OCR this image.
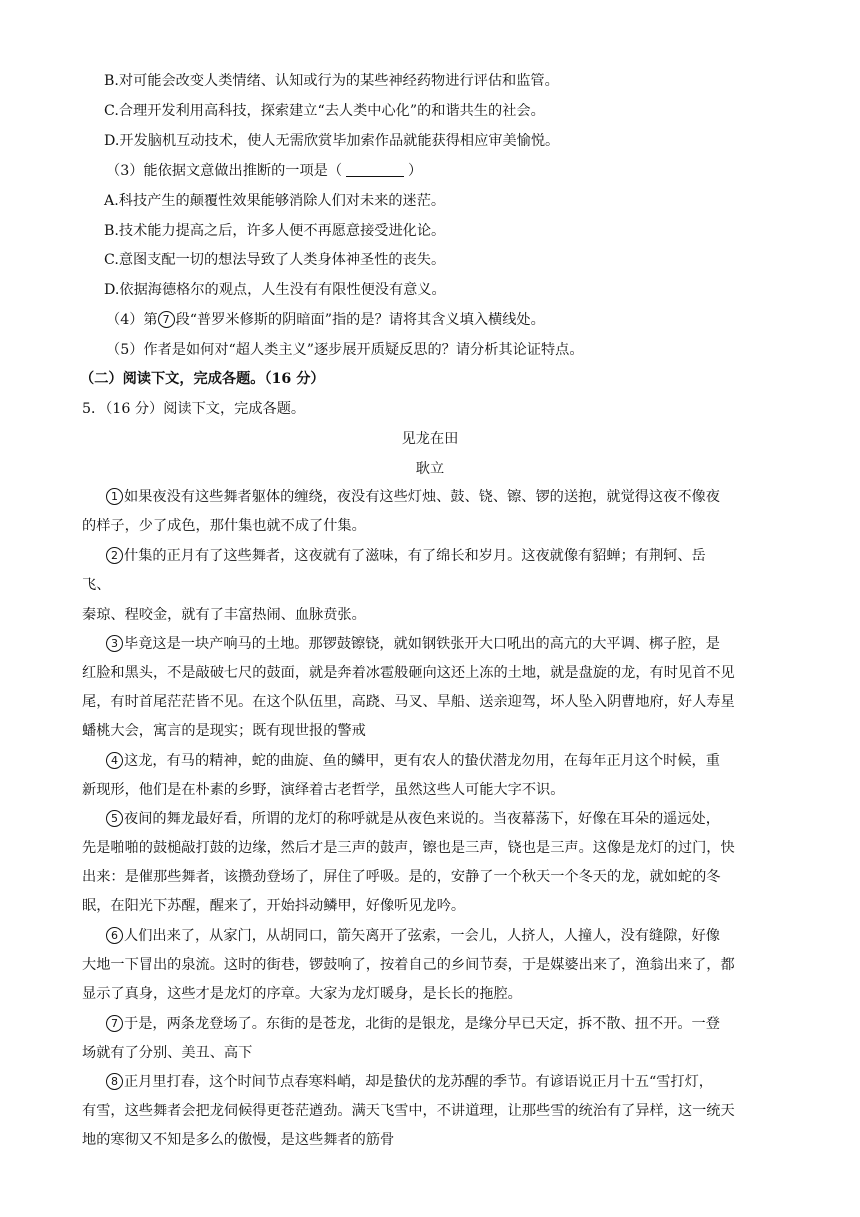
B.对可能会改变人类情绪、认知或行为的某些神经药物进行评估和监管。
C.合理开发利用高科技，探索建立“去人类中心化”的和谐共生的社会。
D.开发脑机互动技术，使人无需欣赏毕加索作品就能获得相应审美愉悦。
（3）能依据文意做出推断的一项是（	）
A.科技产生的颠覆性效果能够消除人们对未来的迷茫。
B.技术能力提高之后，许多人便不再愿意接受进化论。
C.意图支配一切的想法导致了人类身体神圣性的丧失。
D.依据海德格尔的观点，人生没有有限性便没有意义。
（4）第 7 段“普罗米修斯的阴暗面”指的是？请将其含义填入横线处。
（5）作者是如何对“超人类主义”逐步展开质疑反思的？请分析其论证特点。
（二）阅读下文，完成各题。（16 分）
5．（16 分）阅读下文，完成各题。
见龙在田
耿立
1 如果夜没有这些舞者躯体的缠绕，夜没有这些灯烛、鼓、铙、镲、锣的送抱，就觉得这夜不像夜
的样子，少了成色，那什集也就不成了什集。
2 什集的正月有了这些舞者，这夜就有了滋味，有了绵长和岁月。这夜就像有貂蝉；有荆轲、岳
飞、
秦琼、程咬金，就有了丰富热闹、血脉贲张。
3 毕竟这是一块产响马的土地。那锣鼓镲铙，就如钢铁张开大口吼出的高亢的大平调、梆子腔，是
红脸和黑头，不是敲破七尺的鼓面，就是奔着冰雹般砸向这还上冻的土地，就是盘旋的龙，有时见首不见
尾，有时首尾茫茫皆不见。在这个队伍里，高跷、马叉、旱船、送亲迎驾，坏人坠入阴曹地府，好人寿星
蟠桃大会，寓言的是现实；既有现世报的警戒
4 这龙，有马的精神，蛇的曲旋、鱼的鳞甲，更有农人的蛰伏潜龙勿用，在每年正月这个时候，重
新现形，他们是在朴素的乡野，演绎着古老哲学，虽然这些人可能大字不识。
5 夜间的舞龙最好看，所谓的龙灯的称呼就是从夜色来说的。当夜幕荡下，好像在耳朵的遥远处，
先是啪啪的鼓槌敲打鼓的边缘，然后才是三声的鼓声，镲也是三声，铙也是三声。这像是龙灯的过门，快
出来：是催那些舞者，该攒劲登场了，屏住了呼吸。是的，安静了一个秋天一个冬天的龙，就如蛇的冬
眠，在阳光下苏醒，醒来了，开始抖动鳞甲，好像听见龙吟。
6 人们出来了，从家门，从胡同口，箭矢离开了弦索，一会儿，人挤人，人撞人，没有缝隙，好像
大地一下冒出的泉流。这时的街巷，锣鼓响了，按着自己的乡间节奏，于是媒婆出来了，渔翁出来了，都
显示了真身，这些才是龙灯的序章。大家为龙灯暖身，是长长的拖腔。
7 于是，两条龙登场了。东街的是苍龙，北街的是银龙，是缘分早已天定，拆不散、扭不开。一登
场就有了分别、美丑、高下
8 正月里打春，这个时间节点春寒料峭，却是蛰伏的龙苏醒的季节。有谚语说正月十五“雪打灯，
有雪，这些舞者会把龙伺候得更苍茫遒劲。满天飞雪中，不讲道理，让那些雪的统治有了异样，这一统天
地的寒彻又不知是多么的傲慢，是这些舞者的筋骨
